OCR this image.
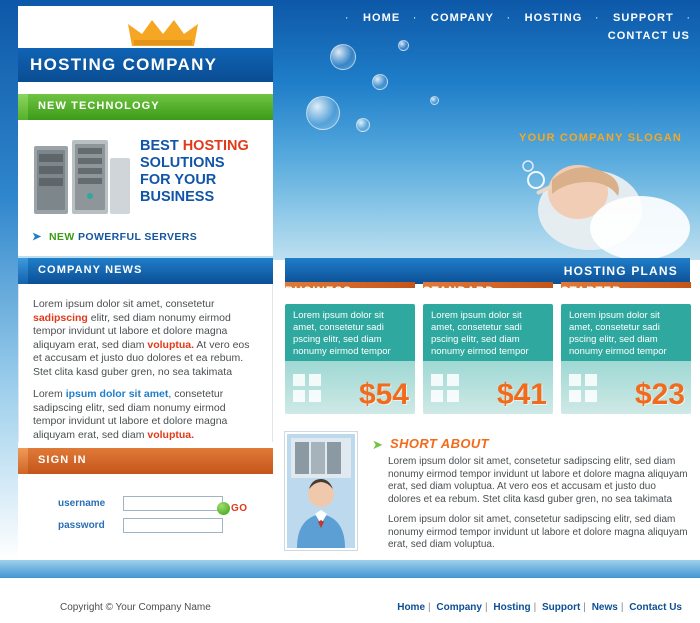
· HOME · COMPANY · HOSTING · SUPPORT · CONTACT US
YOUR COMPANY SLOGAN
HOSTING COMPANY
NEW TECHNOLOGY
BEST HOSTING
SOLUTIONS
FOR YOUR
BUSINESS
➤ NEW POWERFUL SERVERS
COMPANY NEWS

Lorem ipsum dolor sit amet, consetetur sadipscing elitr, sed diam nonumy eirmod tempor invidunt ut labore et dolore magna aliquyam erat, sed diam voluptua. At vero eos et accusam et justo duo dolores et ea rebum. Stet clita kasd guber gren, no sea takimata

Lorem ipsum dolor sit amet, consetetur sadipscing elitr, sed diam nonumy eirmod tempor invidunt ut labore et dolore magna aliquyam erat, sed diam voluptua.

SIGN IN
username
password
GO
HOSTING PLANS
BUSINESS
Lorem ipsum dolor sit amet, consetetur sadi pscing elitr, sed diam nonumy eirmod tempor
$54
STANDARD
Lorem ipsum dolor sit amet, consetetur sadi pscing elitr, sed diam nonumy eirmod tempor
$41
STARTER
Lorem ipsum dolor sit amet, consetetur sadi pscing elitr, sed diam nonumy eirmod tempor
$23
➤ SHORT ABOUT

Lorem ipsum dolor sit amet, consetetur sadipscing elitr, sed diam nonumy eirmod tempor invidunt ut labore et dolore magna aliquyam erat, sed diam voluptua. At vero eos et accusam et justo duo dolores et ea rebum. Stet clita kasd guber gren, no sea takimata

Lorem ipsum dolor sit amet, consetetur sadipscing elitr, sed diam nonumy eirmod tempor invidunt ut labore et dolore magna aliquyam erat, sed diam voluptua.

Copyright © Your Company Name	Home | Company | Hosting | Support | News | Contact Us
